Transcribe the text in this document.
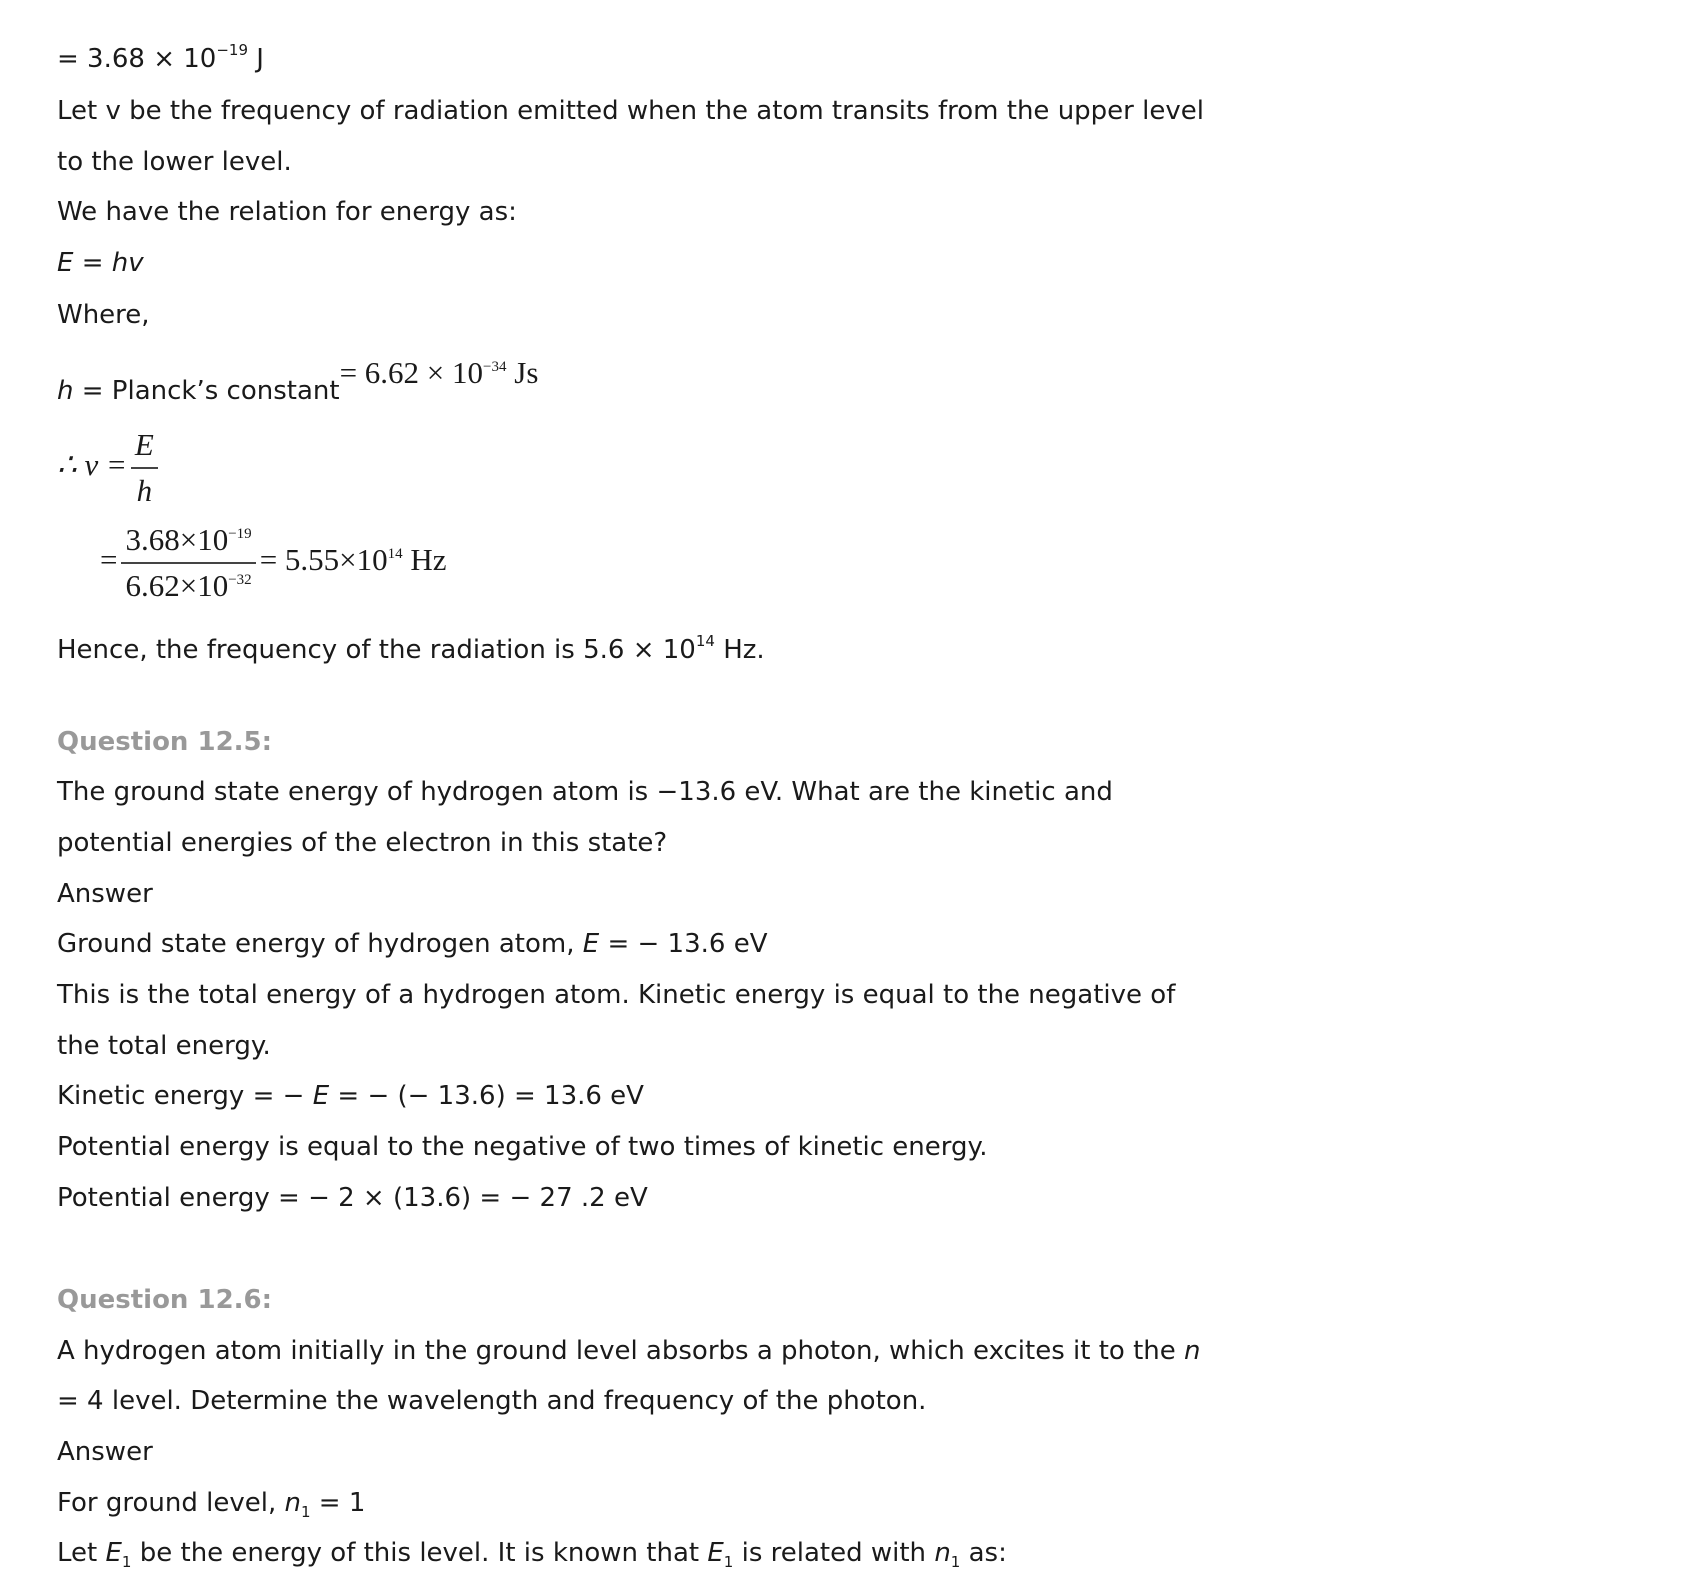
= $3.68 \times 10^{-19}$ J
Let v be the frequency of radiation emitted when the atom transits from the upper level
to the lower level.
We have the relation for energy as:
E = hv
Where,
h = Planck’s constant= $6.62 \times 10^{-34}$ Js
∴ $\nu = \frac{E}{h}$
= $\frac{3.68\times 10^{-19}}{6.62\times 10^{-32}} = 5.55\times 10^{14}$ Hz
Hence, the frequency of the radiation is $5.6 \times 10^{14}$ Hz.
Question 12.5:
The ground state energy of hydrogen atom is −13.6 eV. What are the kinetic and
potential energies of the electron in this state?
Answer
Ground state energy of hydrogen atom, E = − 13.6 eV
This is the total energy of a hydrogen atom. Kinetic energy is equal to the negative of
the total energy.
Kinetic energy = − E = − (− 13.6) = 13.6 eV
Potential energy is equal to the negative of two times of kinetic energy.
Potential energy = − 2 × (13.6) = − 27 .2 eV
Question 12.6:
A hydrogen atom initially in the ground level absorbs a photon, which excites it to the n
= 4 level. Determine the wavelength and frequency of the photon.
Answer
For ground level, $n_1 = 1$
Let $E_1$ be the energy of this level. It is known that $E_1$ is related with $n_1$ as:
